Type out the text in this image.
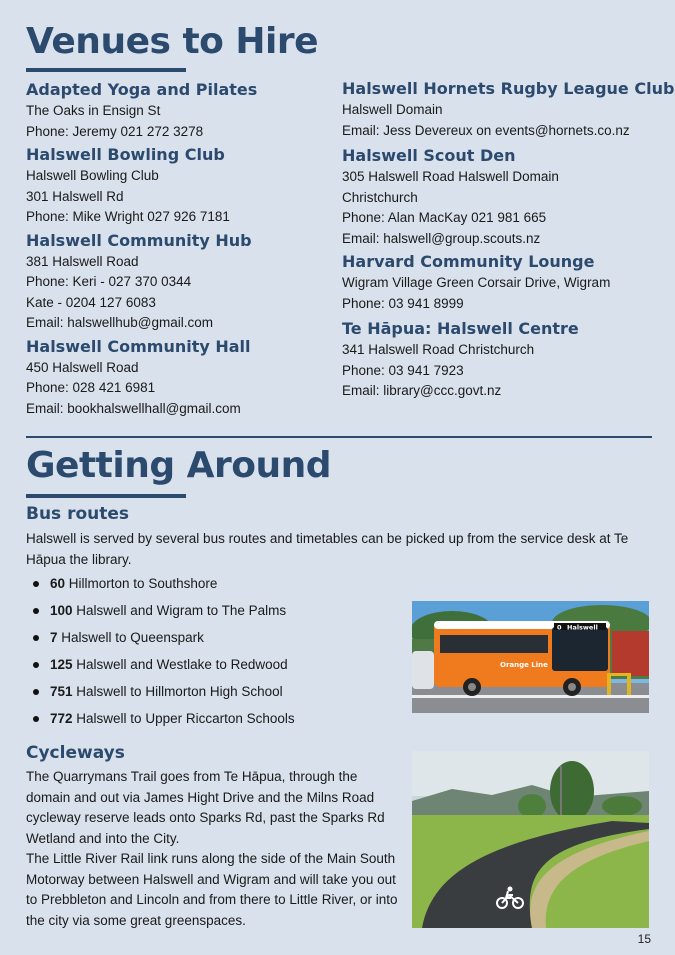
Venues to Hire
Adapted Yoga and Pilates
The Oaks in Ensign St
Phone: Jeremy 021 272 3278
Halswell Bowling Club
Halswell Bowling Club
301 Halswell Rd
Phone: Mike Wright 027 926 7181
Halswell Community Hub
381 Halswell Road
Phone: Keri - 027 370 0344
Kate - 0204 127 6083
Email: halswellhub@gmail.com
Halswell Community Hall
450 Halswell Road
Phone: 028 421 6981
Email: bookhalswellhall@gmail.com
Halswell Hornets Rugby League Club
Halswell Domain
Email: Jess Devereux on events@hornets.co.nz
Halswell Scout Den
305 Halswell Road Halswell Domain
Christchurch
Phone: Alan MacKay 021 981 665
Email: halswell@group.scouts.nz
Harvard Community Lounge
Wigram Village Green Corsair Drive, Wigram
Phone: 03 941 8999
Te Hāpua: Halswell Centre
341 Halswell Road Christchurch
Phone: 03 941 7923
Email: library@ccc.govt.nz
Getting Around
Bus routes
Halswell is served by several bus routes and timetables can be picked up from the service desk at Te Hāpua the library.
60 Hillmorton to Southshore
100 Halswell and Wigram to The Palms
7 Halswell to Queenspark
125 Halswell and Westlake to Redwood
751 Halswell to Hillmorton High School
772 Halswell to Upper Riccarton Schools
Halswell
0
Orange Line
Cycleways
The Quarrymans Trail goes from Te Hāpua, through the domain and out via James Hight Drive and the Milns Road cycleway reserve leads onto Sparks Rd, past the Sparks Rd Wetland and into the City.
The Little River Rail link runs along the side of the Main South Motorway between Halswell and Wigram and will take you out to Prebbleton and Lincoln and from there to Little River, or into the city via some great greenspaces.
15
